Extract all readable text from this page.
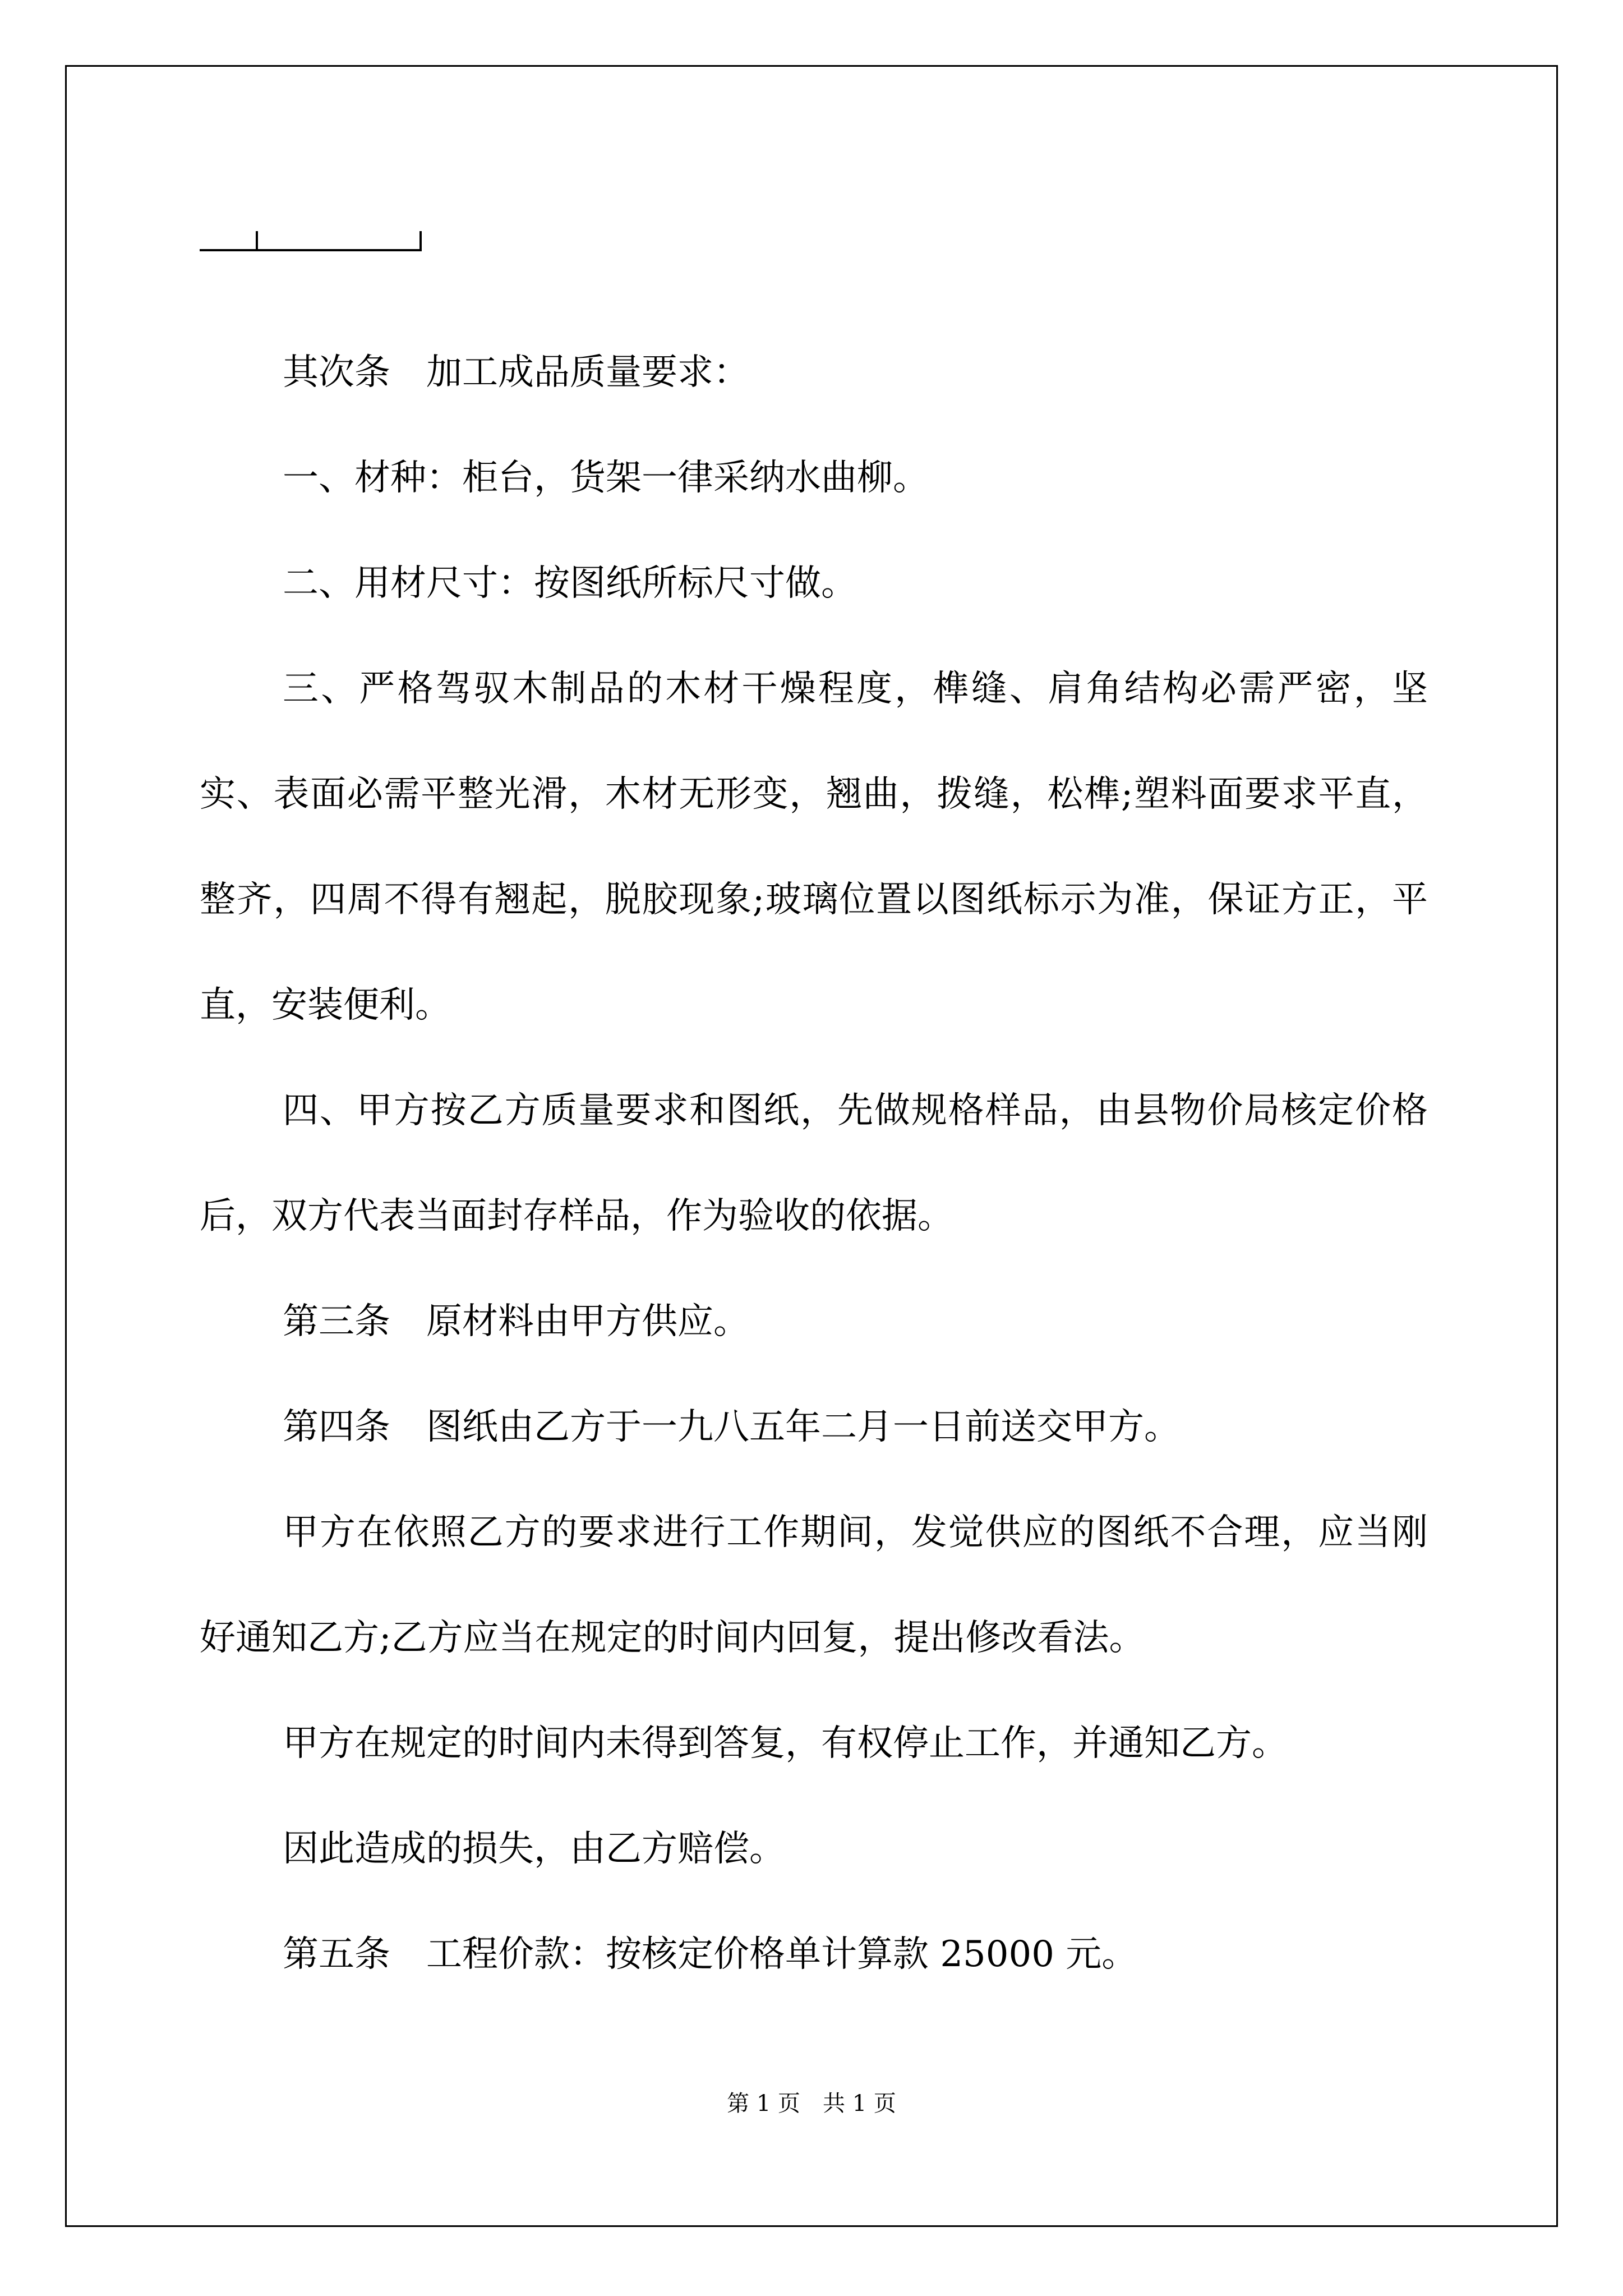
其次条　加工成品质量要求：

一、材种：柜台，货架一律采纳水曲柳。

二、用材尺寸：按图纸所标尺寸做。

三、严格驾驭木制品的木材干燥程度，榫缝、肩角结构必需严密，坚实、表面必需平整光滑，木材无形变，翘曲，拨缝，松榫;塑料面要求平直，整齐，四周不得有翘起，脱胶现象;玻璃位置以图纸标示为准，保证方正，平直，安装便利。

四、甲方按乙方质量要求和图纸，先做规格样品，由县物价局核定价格后，双方代表当面封存样品，作为验收的依据。

第三条　原材料由甲方供应。

第四条　图纸由乙方于一九八五年二月一日前送交甲方。

甲方在依照乙方的要求进行工作期间，发觉供应的图纸不合理，应当刚好通知乙方;乙方应当在规定的时间内回复，提出修改看法。

甲方在规定的时间内未得到答复，有权停止工作，并通知乙方。

因此造成的损失，由乙方赔偿。

第五条　工程价款：按核定价格单计算款 25000 元。

第 1 页　共 1 页
